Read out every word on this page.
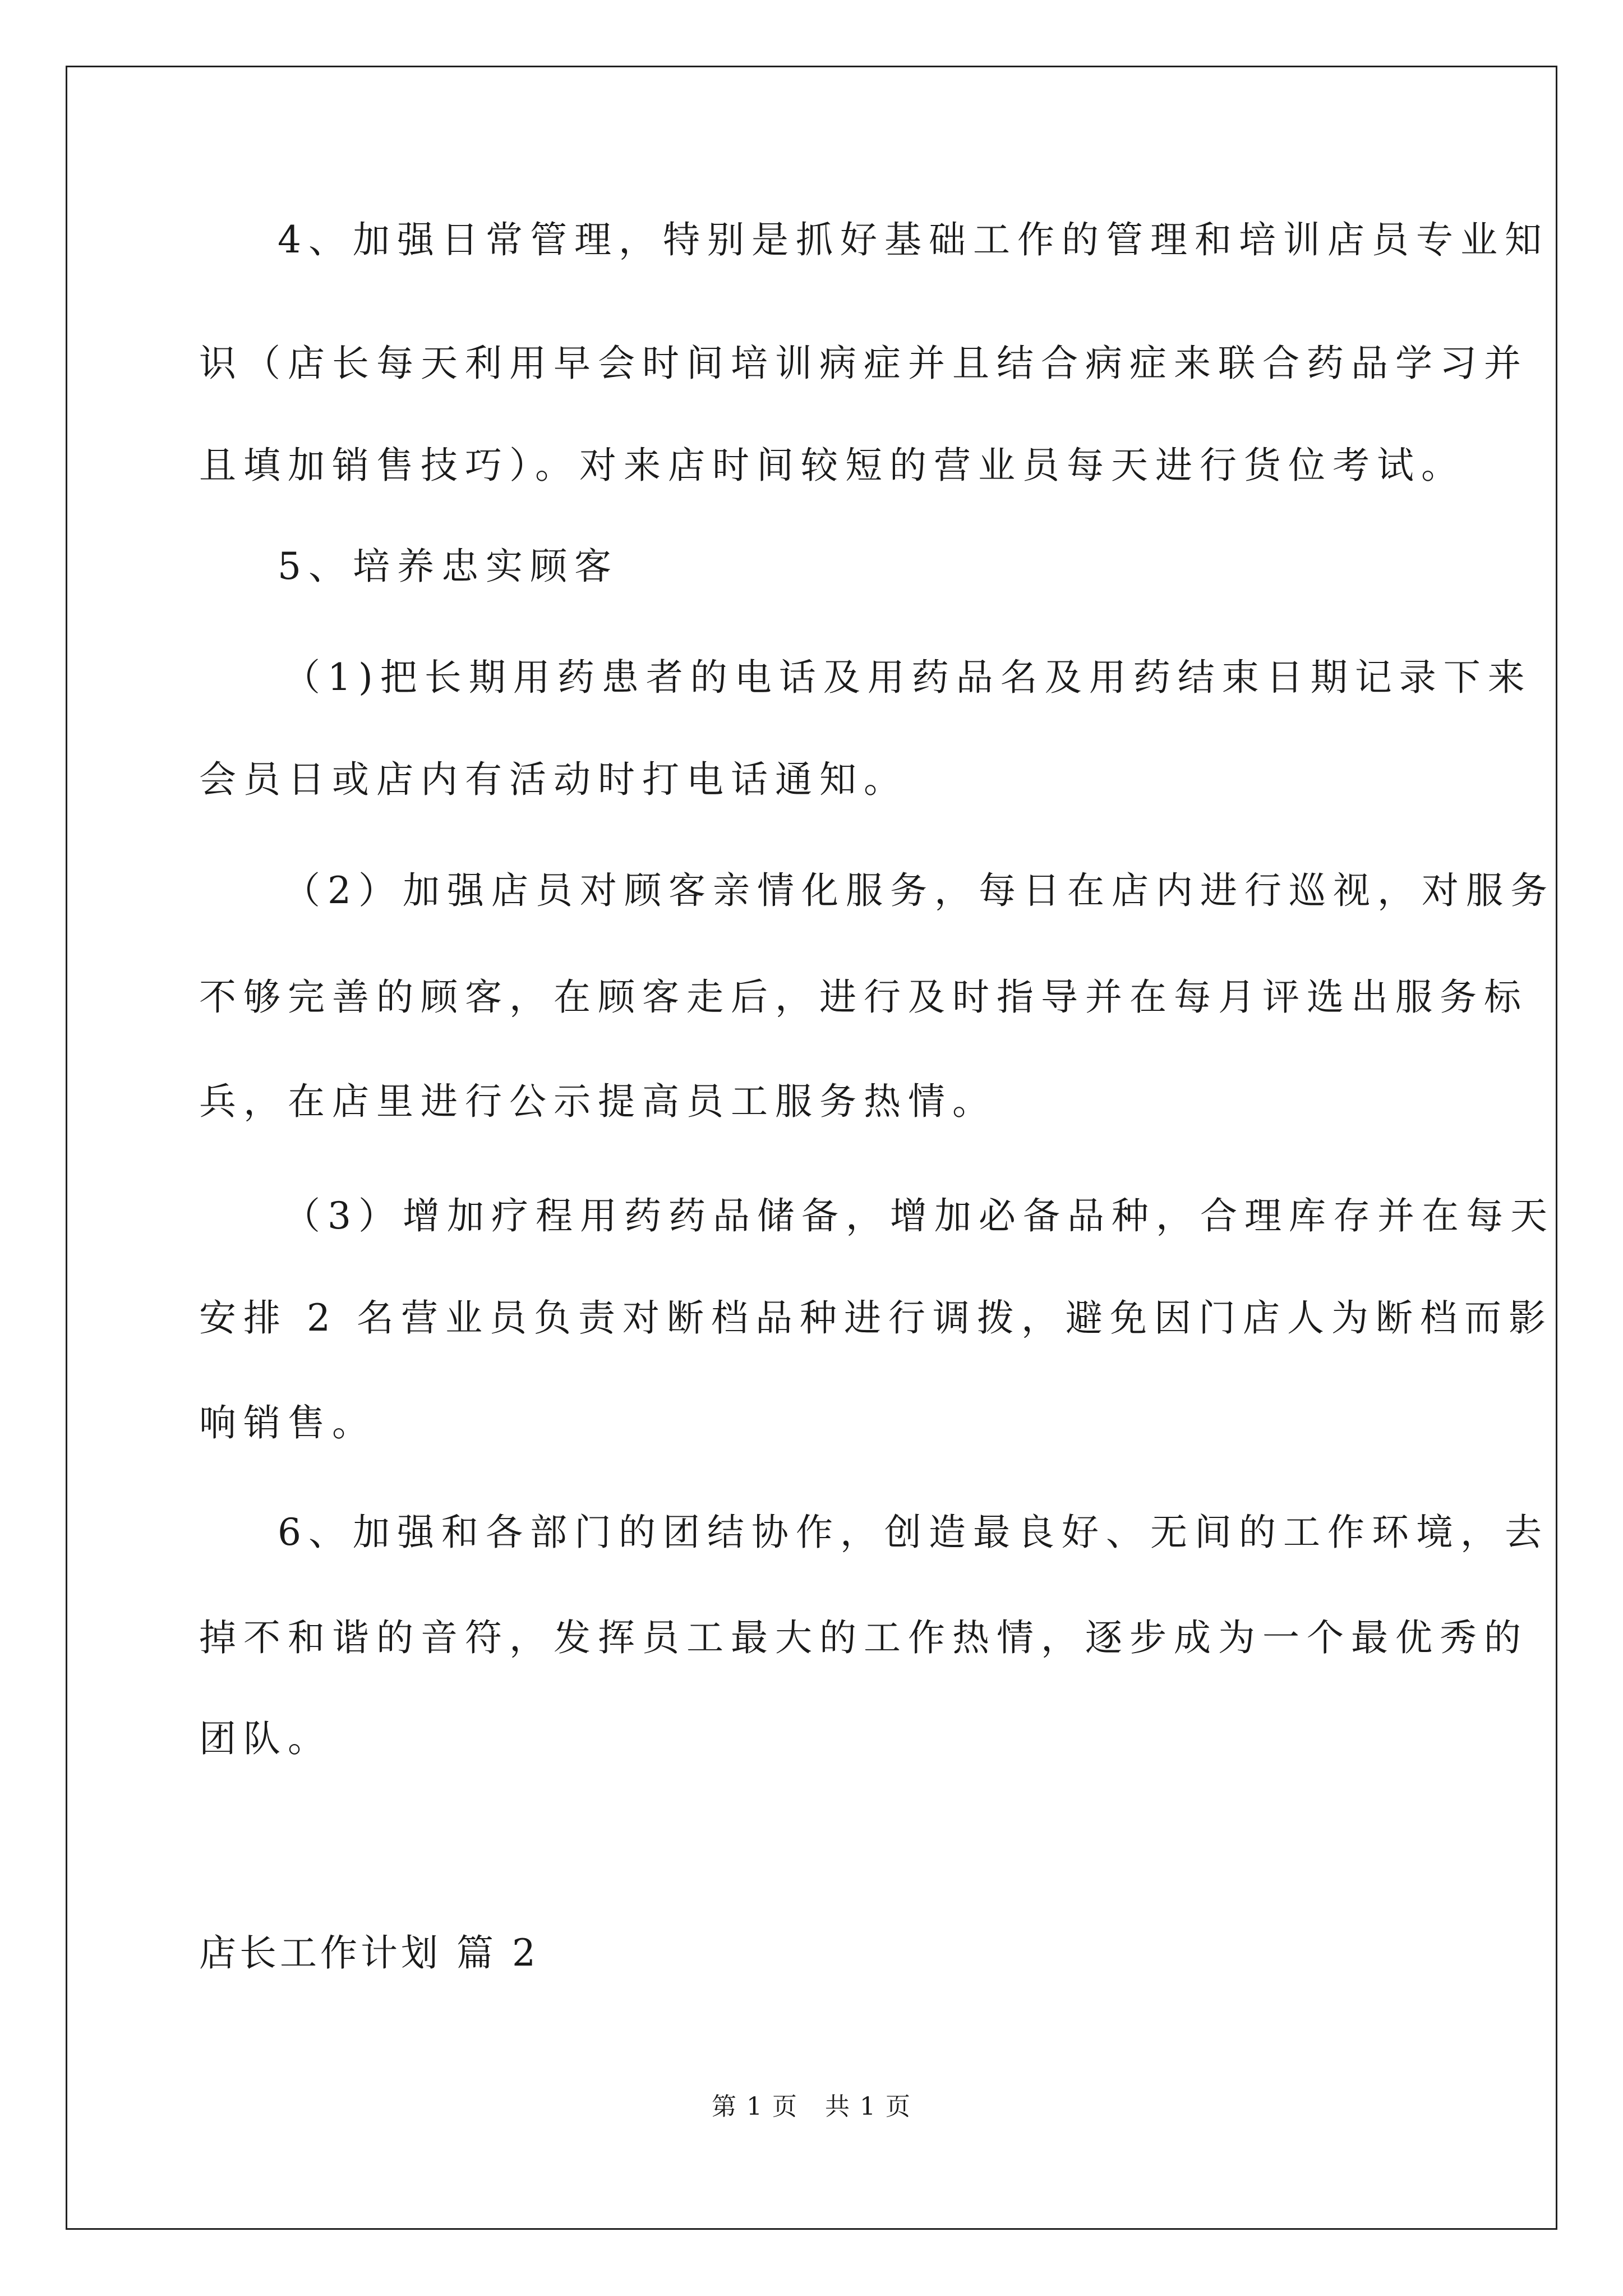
4、加强日常管理，特别是抓好基础工作的管理和培训店员专业知
识（店长每天利用早会时间培训病症并且结合病症来联合药品学习并
且填加销售技巧）。对来店时间较短的营业员每天进行货位考试。
5、培养忠实顾客
（1)把长期用药患者的电话及用药品名及用药结束日期记录下来
会员日或店内有活动时打电话通知。
（2）加强店员对顾客亲情化服务，每日在店内进行巡视，对服务
不够完善的顾客，在顾客走后，进行及时指导并在每月评选出服务标
兵，在店里进行公示提高员工服务热情。
（3）增加疗程用药药品储备，增加必备品种，合理库存并在每天
安排 2 名营业员负责对断档品种进行调拨，避免因门店人为断档而影
响销售。
6、加强和各部门的团结协作，创造最良好、无间的工作环境，去
掉不和谐的音符，发挥员工最大的工作热情，逐步成为一个最优秀的
团队。
店长工作计划 篇 2
第 1 页   共 1 页
